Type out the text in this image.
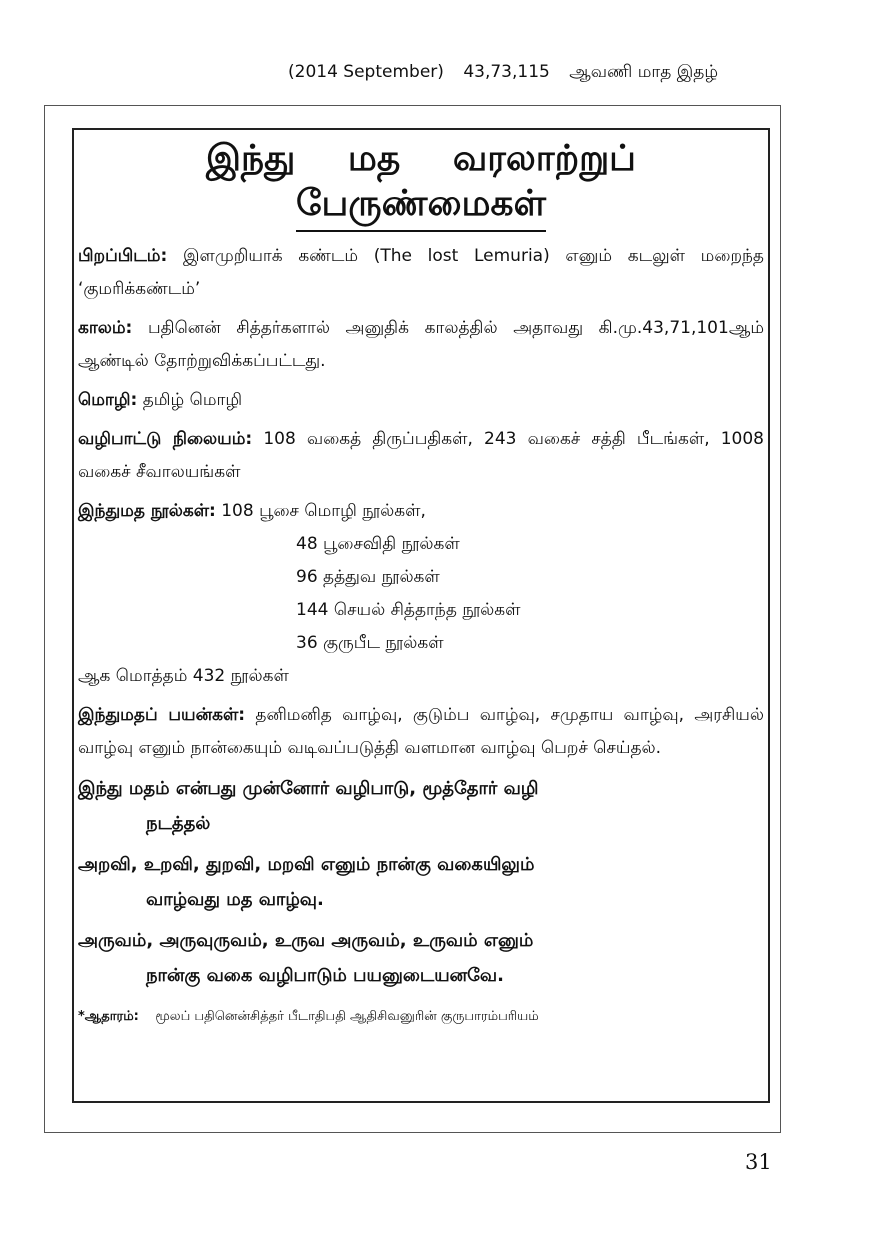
(2014 September) 43,73,115 ஆவணி மாத இதழ்
இந்து மத வரலாற்றுப்
பேருண்மைகள்

பிறப்பிடம்: இளமுறியாக் கண்டம் (The lost Lemuria) எனும் கடலுள் மறைந்த ‘குமரிக்கண்டம்’

காலம்: பதினென் சித்தர்களால் அனுதிக் காலத்தில் அதாவது கி.மு.43,71,101ஆம் ஆண்டில் தோற்றுவிக்கப்பட்டது.

மொழி: தமிழ் மொழி

வழிபாட்டு நிலையம்: 108 வகைத் திருப்பதிகள், 243 வகைச் சத்தி பீடங்கள், 1008 வகைச் சீவாலயங்கள்

இந்துமத நூல்கள்: 108 பூசை மொழி நூல்கள்,

48 பூசைவிதி நூல்கள்

96 தத்துவ நூல்கள்

144 செயல் சித்தாந்த நூல்கள்

36 குருபீட நூல்கள்

ஆக மொத்தம் 432 நூல்கள்

இந்துமதப் பயன்கள்: தனிமனித வாழ்வு, குடும்ப வாழ்வு, சமுதாய வாழ்வு, அரசியல் வாழ்வு எனும் நான்கையும் வடிவப்படுத்தி வளமான வாழ்வு பெறச் செய்தல்.

இந்து மதம் என்பது முன்னோர் வழிபாடு, மூத்தோர் வழி
நடத்தல்

அறவி, உறவி, துறவி, மறவி எனும் நான்கு வகையிலும்
வாழ்வது மத வாழ்வு.

அருவம், அருவுருவம், உருவ அருவம், உருவம் எனும்
நான்கு வகை வழிபாடும் பயனுடையனவே.

*ஆதாரம்: மூலப் பதினென்சித்தர் பீடாதிபதி ஆதிசிவனுரின் குருபாரம்பரியம்

31
